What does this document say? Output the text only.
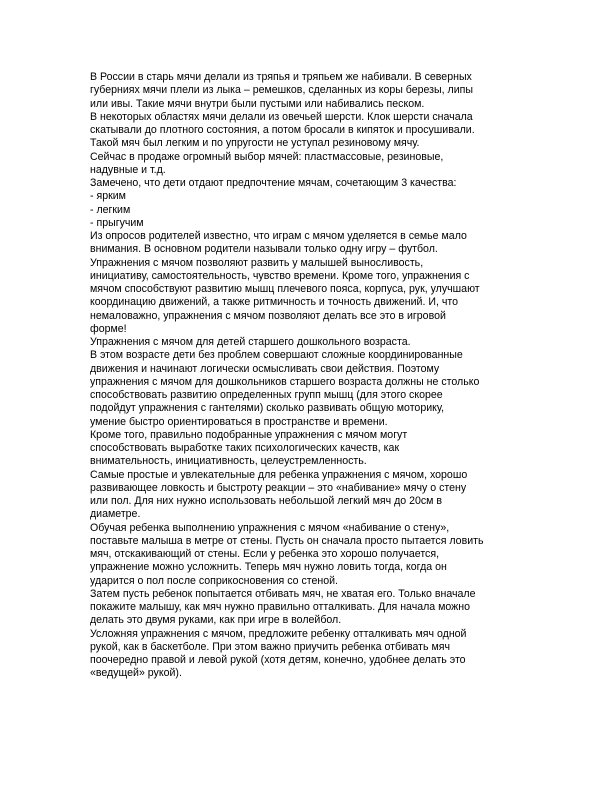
В России в старь мячи делали из тряпья и тряпьем же набивали. В северных
губерниях мячи плели из лыка – ремешков, сделанных из коры березы, липы
или ивы. Такие мячи внутри были пустыми или набивались песком.
В некоторых областях мячи делали из овечьей шерсти. Клок шерсти сначала
скатывали до плотного состояния, а потом бросали в кипяток и просушивали.
Такой мяч был легким и по упругости не уступал резиновому мячу.
Сейчас в продаже огромный выбор мячей: пластмассовые, резиновые,
надувные и т.д.
Замечено, что дети отдают предпочтение мячам, сочетающим 3 качества:
- ярким
- легким
- прыгучим
Из опросов родителей известно, что играм с мячом уделяется в семье мало
внимания. В основном родители называли только одну игру – футбол.
Упражнения с мячом позволяют развить у малышей выносливость,
инициативу, самостоятельность, чувство времени. Кроме того, упражнения с
мячом способствуют развитию мышц плечевого пояса, корпуса, рук, улучшают
координацию движений, а также ритмичность и точность движений. И, что
немаловажно, упражнения с мячом позволяют делать все это в игровой
форме!
Упражнения с мячом для детей старшего дошкольного возраста.
В этом возрасте дети без проблем совершают сложные координированные
движения и начинают логически осмысливать свои действия. Поэтому
упражнения с мячом для дошкольников старшего возраста должны не столько
способствовать развитию определенных групп мышц (для этого скорее
подойдут упражнения с гантелями) сколько развивать общую моторику,
умение быстро ориентироваться в пространстве и времени.
Кроме того, правильно подобранные упражнения с мячом могут
способствовать выработке таких психологических качеств, как
внимательность, инициативность, целеустремленность.
Самые простые и увлекательные для ребенка упражнения с мячом, хорошо
развивающее ловкость и быстроту реакции – это «набивание» мячу о стену
или пол. Для них нужно использовать небольшой легкий мяч до 20см в
диаметре.
Обучая ребенка выполнению упражнения с мячом «набивание о стену»,
поставьте малыша в метре от стены. Пусть он сначала просто пытается ловить
мяч, отскакивающий от стены. Если у ребенка это хорошо получается,
упражнение можно усложнить. Теперь мяч нужно ловить тогда, когда он
ударится о пол после соприкосновения со стеной.
Затем пусть ребенок попытается отбивать мяч, не хватая его. Только вначале
покажите малышу, как мяч нужно правильно отталкивать. Для начала можно
делать это двумя руками, как при игре в волейбол.
Усложняя упражнения с мячом, предложите ребенку отталкивать мяч одной
рукой, как в баскетболе. При этом важно приучить ребенка отбивать мяч
поочередно правой и левой рукой (хотя детям, конечно, удобнее делать это
«ведущей» рукой).
